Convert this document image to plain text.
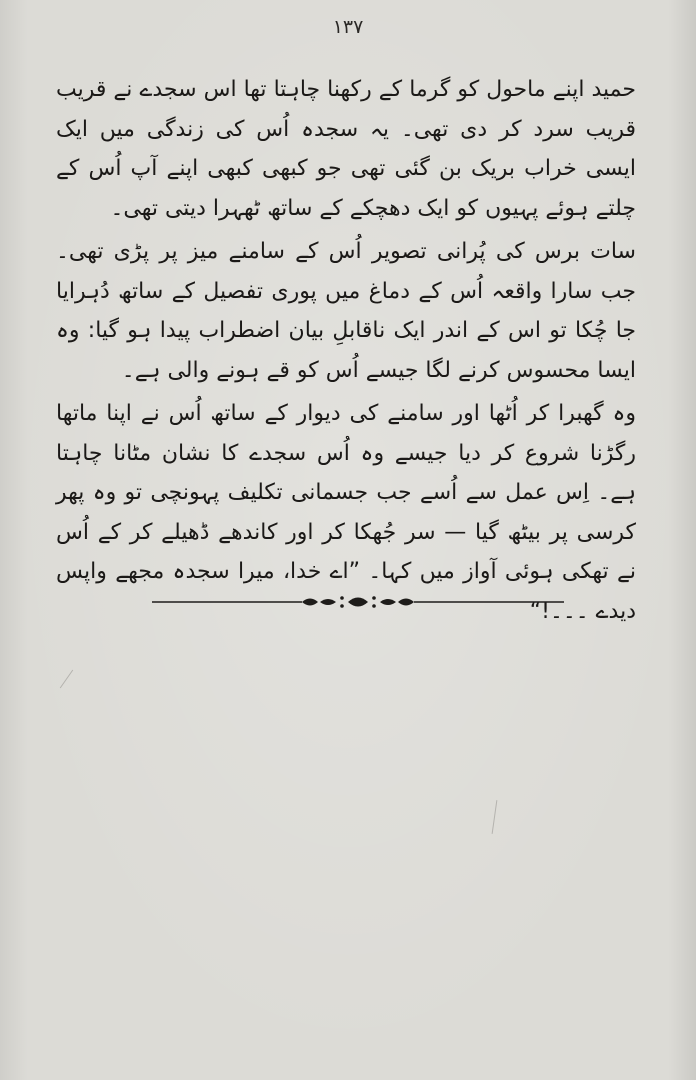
۱۳۷

حمید اپنے ماحول کو گرما کے رکھنا چاہتا تھا اس سجدے نے قریب قریب سرد کر دی تھی۔ یہ سجدہ اُس کی زندگی میں ایک ایسی خراب بریک بن گئی تھی جو کبھی کبھی اپنے آپ اُس کے چلتے ہوئے پہیوں کو ایک دھچکے کے ساتھ ٹھہرا دیتی تھی۔

سات برس کی پُرانی تصویر اُس کے سامنے میز پر پڑی تھی۔ جب سارا واقعہ اُس کے دماغ میں پوری تفصیل کے ساتھ دُہرایا جا چُکا تو اس کے اندر ایک ناقابلِ بیان اضطراب پیدا ہو گیا: وہ ایسا محسوس کرنے لگا جیسے اُس کو قے ہونے والی ہے۔

وہ گھبرا کر اُٹھا اور سامنے کی دیوار کے ساتھ اُس نے اپنا ماتھا رگڑنا شروع کر دیا جیسے وہ اُس سجدے کا نشان مٹانا چاہتا ہے۔ اِس عمل سے اُسے جب جسمانی تکلیف پہونچی تو وہ پھر کرسی پر بیٹھ گیا — سر جُھکا کر اور کاندھے ڈھیلے کر کے اُس نے تھکی ہوئی آواز میں کہا۔ ”اے خدا، میرا سجدہ مجھے واپس دیدے ۔۔۔!“
